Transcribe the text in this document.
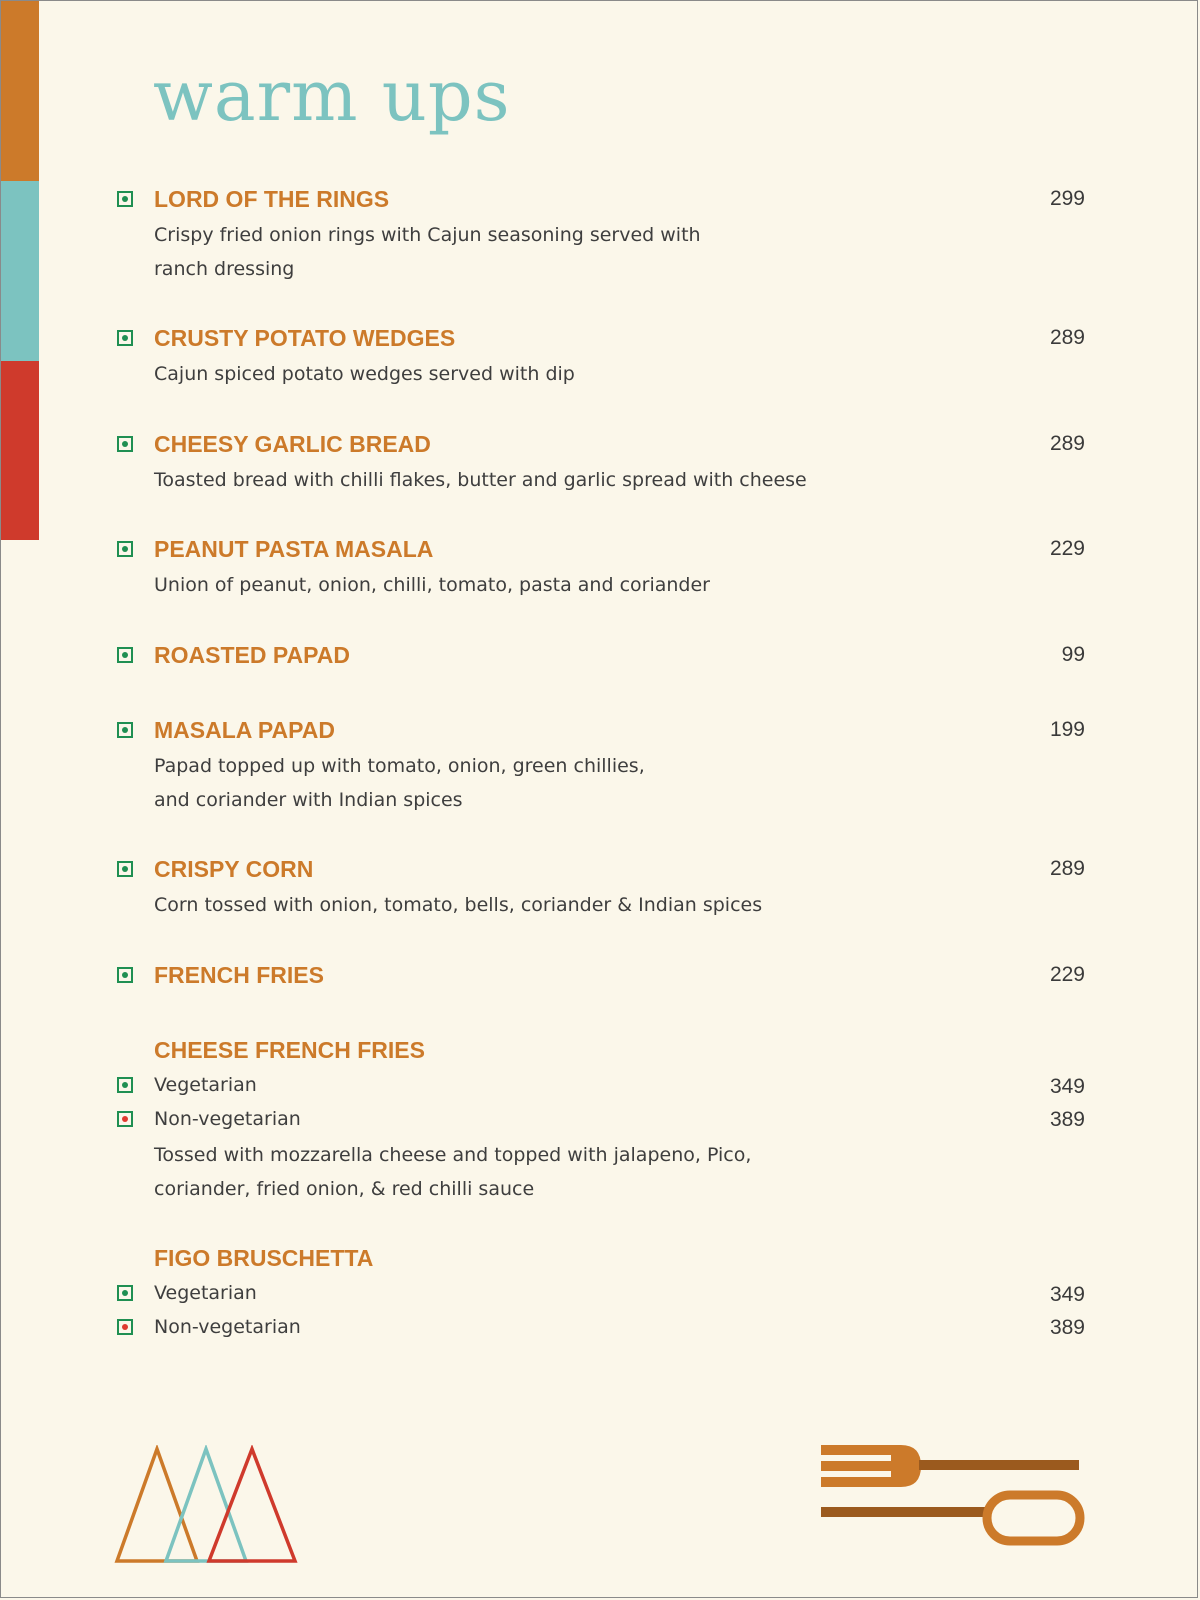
warm ups
LORD OF THE RINGS	299
Crispy fried onion rings with Cajun seasoning served with
ranch dressing
CRUSTY POTATO WEDGES	289
Cajun spiced potato wedges served with dip
CHEESY GARLIC BREAD	289
Toasted bread with chilli flakes, butter and garlic spread with cheese
PEANUT PASTA MASALA	229
Union of peanut, onion, chilli, tomato, pasta and coriander
ROASTED PAPAD	99
MASALA PAPAD	199
Papad topped up with tomato, onion, green chillies,
and coriander with Indian spices
CRISPY CORN	289
Corn tossed with onion, tomato, bells, coriander & Indian spices
FRENCH FRIES	229
CHEESE FRENCH FRIES
Vegetarian	349
Non-vegetarian	389
Tossed with mozzarella cheese and topped with jalapeno, Pico,
coriander, fried onion, & red chilli sauce
FIGO BRUSCHETTA
Vegetarian	349
Non-vegetarian	389
